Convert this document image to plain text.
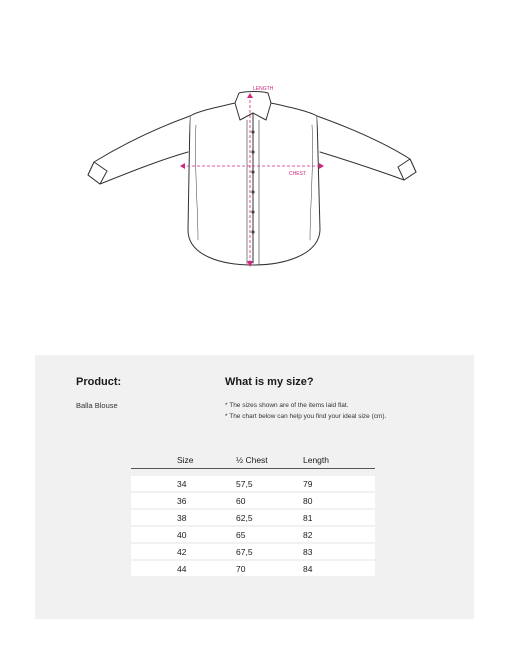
LENGTH
CHEST
Product:
Balla Blouse
What is my size?
* The sizes shown are of the items laid flat.
* The chart below can help you find your ideal size (cm).
Size	½ Chest	Length
34	57,5	79
36	60	80
38	62,5	81
40	65	82
42	67,5	83
44	70	84
